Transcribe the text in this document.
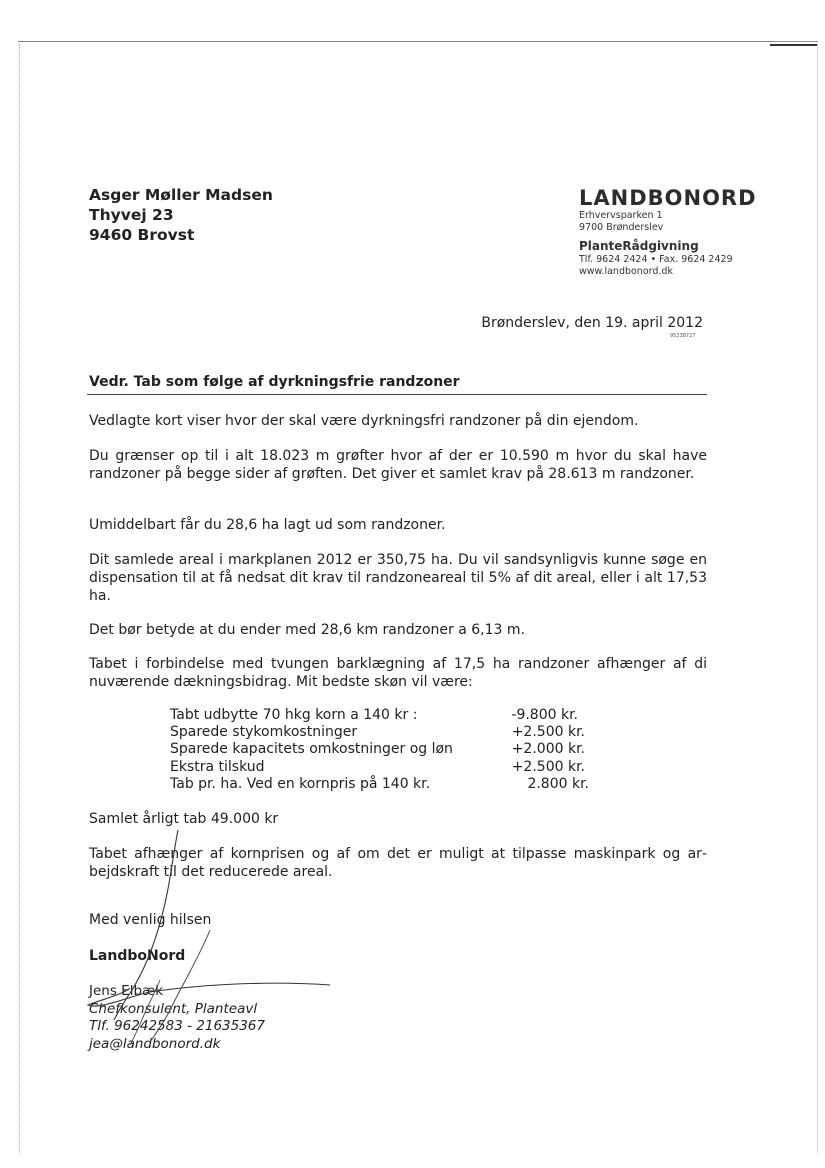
Asger Møller Madsen
Thyvej 23
9460 Brovst
LANDBONORD
Erhvervsparken 1
9700 Brønderslev
PlanteRådgivning
Tlf. 9624 2424 • Fax. 9624 2429
www.landbonord.dk
Brønderslev, den 19. april 2012
95238727
Vedr. Tab som følge af dyrkningsfrie randzoner
Vedlagte kort viser hvor der skal være dyrkningsfri randzoner på din ejendom.
Du grænser op til i alt 18.023 m grøfter hvor af der er 10.590 m hvor du skal have randzoner på begge sider af grøften. Det giver et samlet krav på 28.613 m randzoner.
Umiddelbart får du 28,6 ha lagt ud som randzoner.
Dit samlede areal i markplanen 2012 er 350,75 ha. Du vil sandsynligvis kunne søge en dispensation til at få nedsat dit krav til randzoneareal til 5% af dit areal, eller i alt 17,53 ha.
Det bør betyde at du ender med 28,6 km randzoner a 6,13 m.
Tabet i forbindelse med tvungen barklægning af 17,5 ha randzoner afhænger af di nuværende dækningsbidrag. Mit bedste skøn vil være:
Tabt udbytte 70 hkg korn a 140 kr :	-9.800 kr.
Sparede stykomkostninger	+2.500 kr.
Sparede kapacitets omkostninger og løn	+2.000 kr.
Ekstra tilskud	+2.500 kr.
Tab pr. ha. Ved en kornpris på 140 kr.	2.800 kr.
Samlet årligt tab 49.000 kr
Tabet afhænger af kornprisen og af om det er muligt at tilpasse maskinpark og arbejdskraft til det reducerede areal.
Med venlig hilsen
LandboNord
Jens Elbæk
Chefkonsulent, Planteavl
Tlf. 96242583 - 21635367
jea@landbonord.dk
